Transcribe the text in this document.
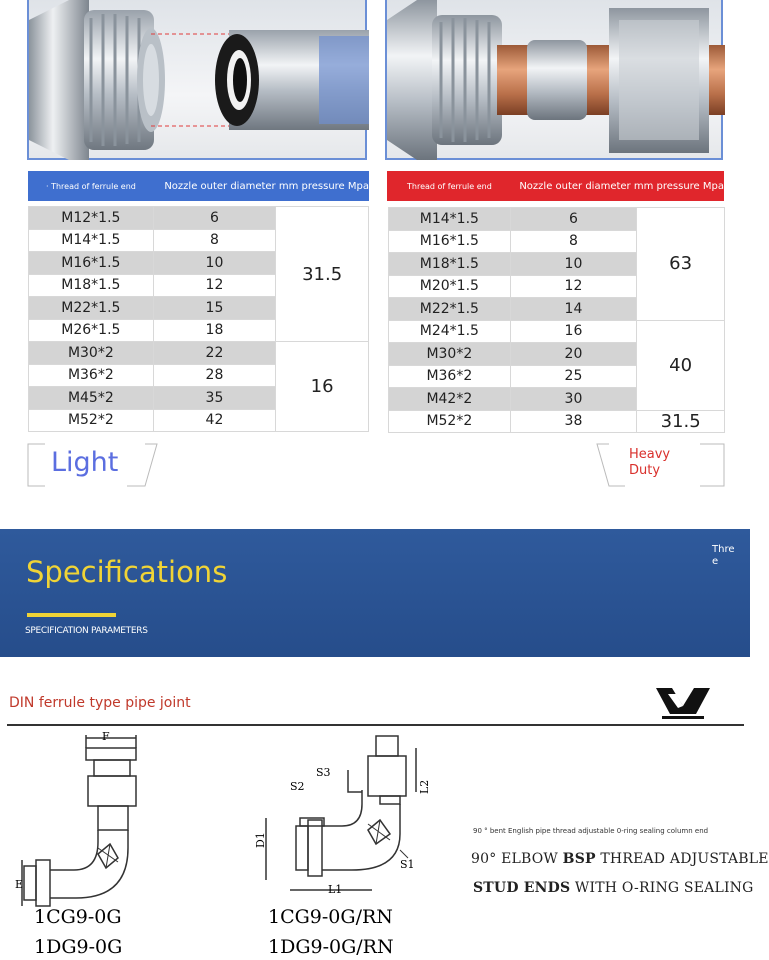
· Thread of ferrule end	Nozzle outer diameter mm pressure Mpa	Thread of ferrule end	Nozzle outer diameter mm pressure Mpa
M12*1.5	6	31.5
M14*1.5	8	
M16*1.5	10	
M18*1.5	12	
M22*1.5	15	
M26*1.5	18	
M30*2	22	16
M36*2	28	
M45*2	35	
M52*2	42	
M14*1.5	6	63
M16*1.5	8	
M18*1.5	10	
M20*1.5	12	
M22*1.5	14	
M24*1.5	16	40
M30*2	20	
M36*2	25	
M42*2	30	
M52*2	38	31.5
Light	Heavy
Duty
Specifications
SPECIFICATION PARAMETERS
Thre
e
DIN ferrule type pipe joint
F
E
1CG9-0G
1DG9-0G
S2
S3
L2
D1
S1
L1
1CG9-0G/RN
1DG9-0G/RN
90 ° bent English pipe thread adjustable 0-ring sealing column end
90° ELBOW BSP THREAD ADJUSTABLE
STUD ENDS WITH O-RING SEALING
